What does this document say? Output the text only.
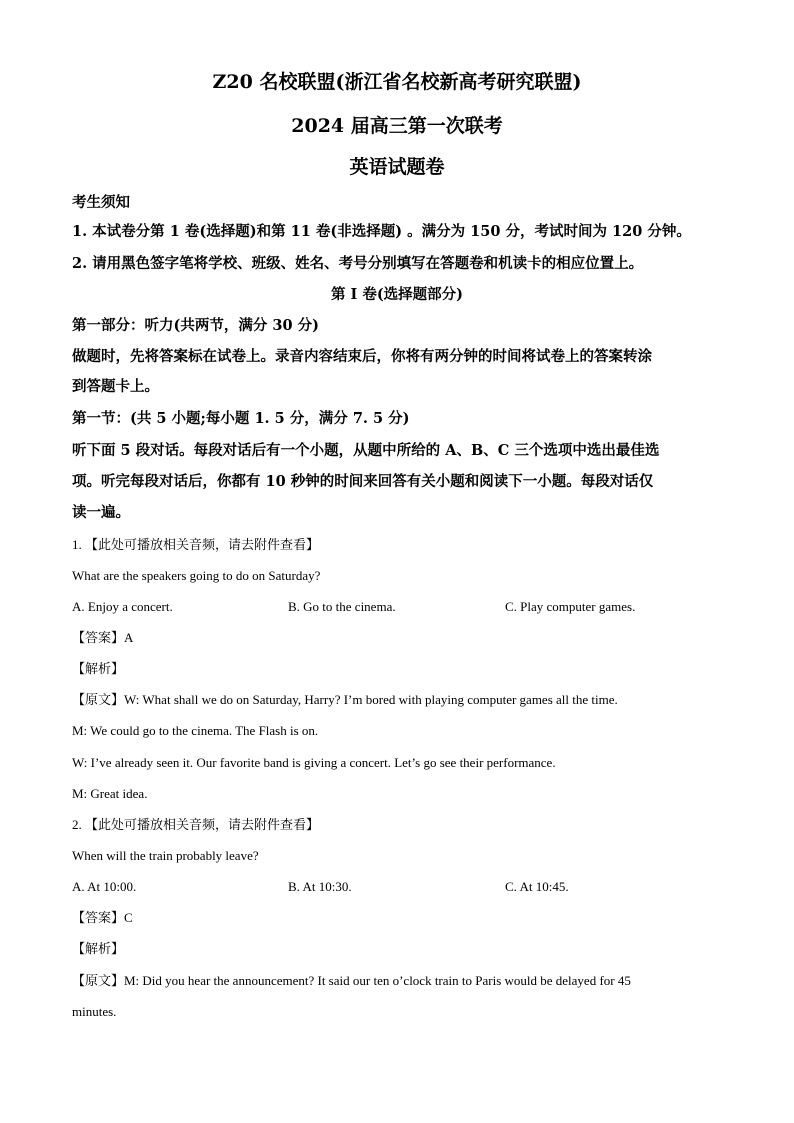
Z20 名校联盟(浙江省名校新高考研究联盟)
2024 届高三第一次联考
英语试题卷
考生须知
1. 本试卷分第 1 卷(选择题)和第 11 卷(非选择题) 。满分为 150 分，考试时间为 120 分钟。
2. 请用黑色签字笔将学校、班级、姓名、考号分别填写在答题卷和机读卡的相应位置上。
第 I 卷(选择题部分)
第一部分：听力(共两节，满分 30 分)
做题时，先将答案标在试卷上。录音内容结束后，你将有两分钟的时间将试卷上的答案转涂
到答题卡上。
第一节：(共 5 小题;每小题 1. 5 分，满分 7. 5 分)
听下面 5 段对话。每段对话后有一个小题，从题中所给的 A、B、C 三个选项中选出最佳选
项。听完每段对话后，你都有 10 秒钟的时间来回答有关小题和阅读下一小题。每段对话仅
读一遍。
1. 【此处可播放相关音频，请去附件查看】
What are the speakers going to do on Saturday?
A. Enjoy a concert.	B. Go to the cinema.	C. Play computer games.
【答案】A
【解析】
【原文】W: What shall we do on Saturday, Harry? I’m bored with playing computer games all the time.
M: We could go to the cinema. The Flash is on.
W: I’ve already seen it. Our favorite band is giving a concert. Let’s go see their performance.
M: Great idea.
2. 【此处可播放相关音频，请去附件查看】
When will the train probably leave?
A. At 10:00.	B. At 10:30.	C. At 10:45.
【答案】C
【解析】
【原文】M: Did you hear the announcement? It said our ten o’clock train to Paris would be delayed for 45
minutes.
